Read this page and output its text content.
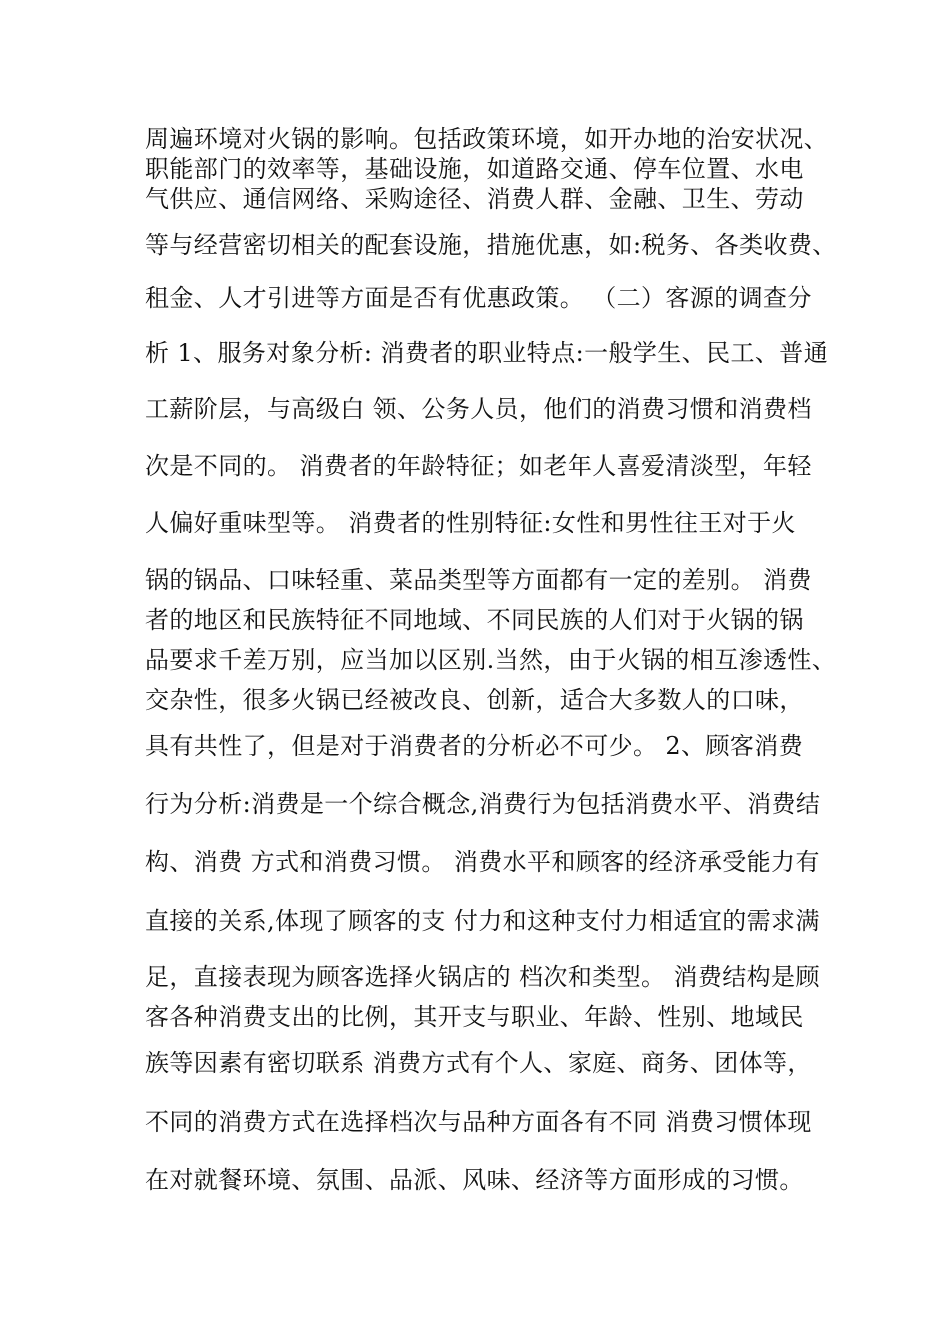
周遍环境对火锅的影响。包括政策环境，如开办地的治安状况、

职能部门的效率等，基础设施，如道路交通、停车位置、水电

气供应、通信网络、采购途径、消费人群、金融、卫生、劳动

等与经营密切相关的配套设施，措施优惠，如:税务、各类收费、

租金、人才引进等方面是否有优惠政策。 （二）客源的调查分

析 1、服务对象分析: 消费者的职业特点:一般学生、民工、普通

工薪阶层，与高级白 领、公务人员，他们的消费习惯和消费档

次是不同的。 消费者的年龄特征；如老年人喜爱清淡型，年轻

人偏好重味型等。 消费者的性别特征:女性和男性往王对于火

锅的锅品、口味轻重、菜品类型等方面都有一定的差别。 消费

者的地区和民族特征不同地域、不同民族的人们对于火锅的锅

品要求千差万别，应当加以区别.当然，由于火锅的相互渗透性、

交杂性，很多火锅已经被改良、创新，适合大多数人的口味，

具有共性了，但是对于消费者的分析必不可少。 2、顾客消费

行为分析:消费是一个综合概念,消费行为包括消费水平、消费结

构、消费 方式和消费习惯。 消费水平和顾客的经济承受能力有

直接的关系,体现了顾客的支 付力和这种支付力相适宜的需求满

足，直接表现为顾客选择火锅店的 档次和类型。 消费结构是顾

客各种消费支出的比例，其开支与职业、年龄、性别、地域民

族等因素有密切联系 消费方式有个人、家庭、商务、团体等，

不同的消费方式在选择档次与品种方面各有不同 消费习惯体现

在对就餐环境、氛围、品派、风味、经济等方面形成的习惯。
